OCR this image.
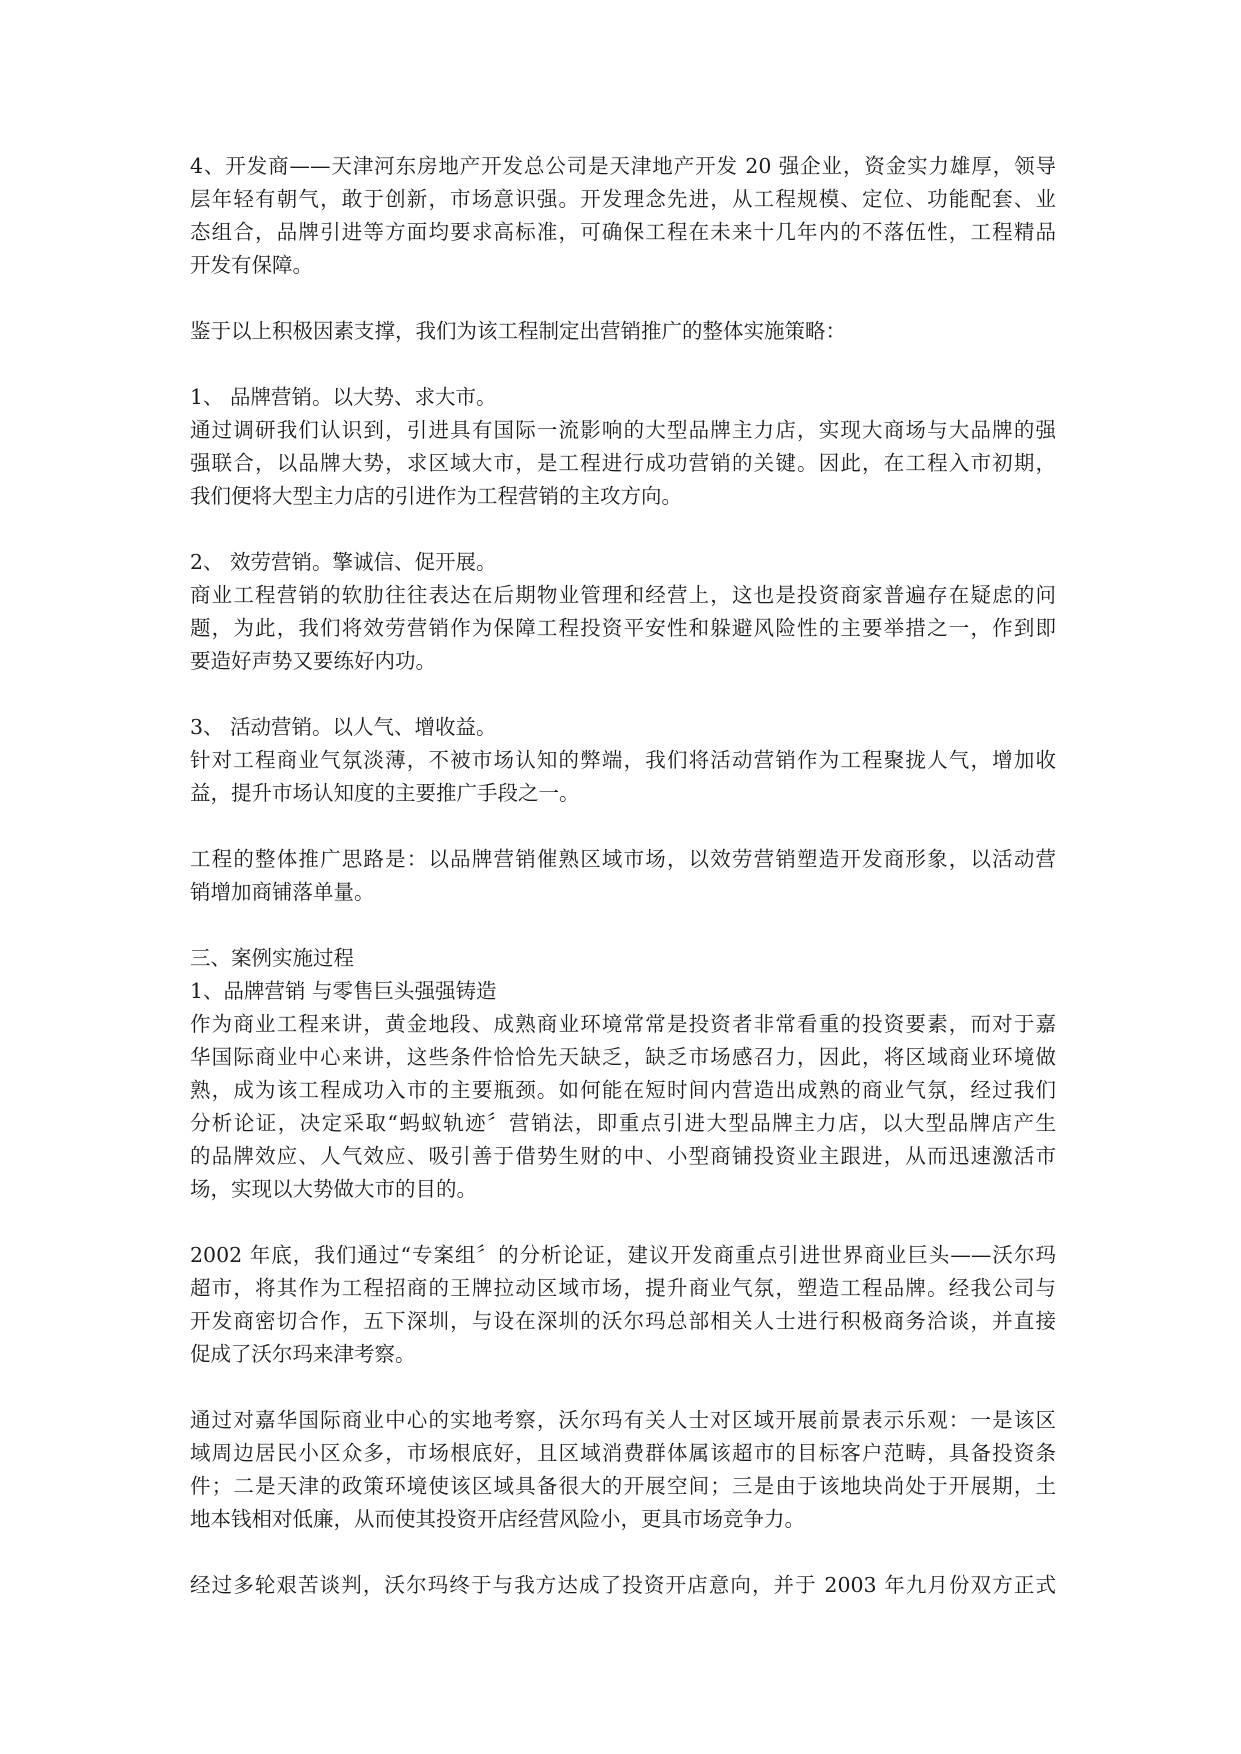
4、开发商——天津河东房地产开发总公司是天津地产开发 20 强企业，资金实力雄厚，领导
层年轻有朝气，敢于创新，市场意识强。开发理念先进，从工程规模、定位、功能配套、业
态组合，品牌引进等方面均要求高标准，可确保工程在未来十几年内的不落伍性，工程精品
开发有保障。
鉴于以上积极因素支撑，我们为该工程制定出营销推广的整体实施策略：
1、 品牌营销。以大势、求大市。
通过调研我们认识到，引进具有国际一流影响的大型品牌主力店，实现大商场与大品牌的强
强联合，以品牌大势，求区域大市，是工程进行成功营销的关键。因此，在工程入市初期，
我们便将大型主力店的引进作为工程营销的主攻方向。
2、 效劳营销。擎诚信、促开展。
商业工程营销的软肋往往表达在后期物业管理和经营上，这也是投资商家普遍存在疑虑的问
题，为此，我们将效劳营销作为保障工程投资平安性和躲避风险性的主要举措之一，作到即
要造好声势又要练好内功。
3、 活动营销。以人气、增收益。
针对工程商业气氛淡薄，不被市场认知的弊端，我们将活动营销作为工程聚拢人气，增加收
益，提升市场认知度的主要推广手段之一。
工程的整体推广思路是：以品牌营销催熟区域市场，以效劳营销塑造开发商形象，以活动营
销增加商铺落单量。
三、案例实施过程
1、品牌营销 与零售巨头强强铸造
作为商业工程来讲，黄金地段、成熟商业环境常常是投资者非常看重的投资要素，而对于嘉
华国际商业中心来讲，这些条件恰恰先天缺乏，缺乏市场感召力，因此，将区域商业环境做
熟，成为该工程成功入市的主要瓶颈。如何能在短时间内营造出成熟的商业气氛，经过我们
分析论证，决定采取“蚂蚁轨迹〞营销法，即重点引进大型品牌主力店，以大型品牌店产生
的品牌效应、人气效应、吸引善于借势生财的中、小型商铺投资业主跟进，从而迅速激活市
场，实现以大势做大市的目的。
2002 年底，我们通过“专案组〞的分析论证，建议开发商重点引进世界商业巨头——沃尔玛
超市，将其作为工程招商的王牌拉动区域市场，提升商业气氛，塑造工程品牌。经我公司与
开发商密切合作，五下深圳，与设在深圳的沃尔玛总部相关人士进行积极商务洽谈，并直接
促成了沃尔玛来津考察。
通过对嘉华国际商业中心的实地考察，沃尔玛有关人士对区域开展前景表示乐观：一是该区
域周边居民小区众多，市场根底好，且区域消费群体属该超市的目标客户范畴，具备投资条
件；二是天津的政策环境使该区域具备很大的开展空间；三是由于该地块尚处于开展期，土
地本钱相对低廉，从而使其投资开店经营风险小，更具市场竞争力。
经过多轮艰苦谈判，沃尔玛终于与我方达成了投资开店意向，并于 2003 年九月份双方正式
